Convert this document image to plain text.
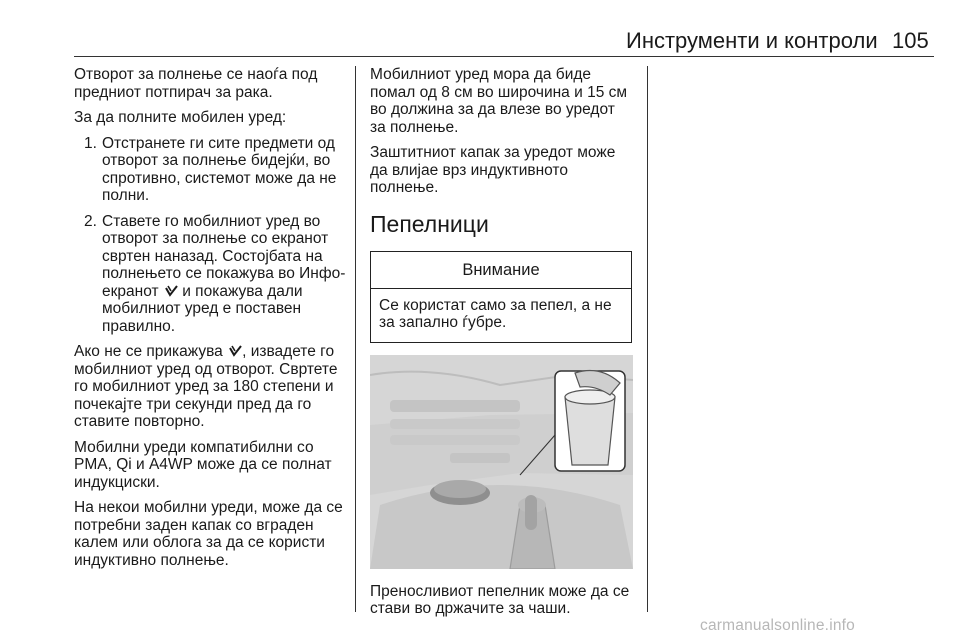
Инструменти и контроли 105

Отворот за полнење се наоѓа под предниот потпирач за рака.

За да полните мобилен уред:

1. Отстранете ги сите предмети од отворот за полнење бидејќи, во спротивно, системот може да не полни.
2. Ставете го мобилниот уред во отворот за полнење со екранот свртен наназад. Состојбата на полнењето се покажува во Инфо-екранот  и покажува дали мобилниот уред е поставен правилно.

Ако не се прикажува , извадете го мобилниот уред од отворот. Свртете го мобилниот уред за 180 степени и почекајте три секунди пред да го ставите повторно.

Мобилни уреди компатибилни со PMA, Qi и A4WP може да се полнат индукциски.

На некои мобилни уреди, може да се потребни заден капак со вграден калем или облога за да се користи индуктивно полнење.

Мобилниот уред мора да биде помал од 8 см во широчина и 15 см во должина за да влезе во уредот за полнење.

Заштитниот капак за уредот може да влијае врз индуктивното полнење.

Пепелници
Внимание
Се користат само за пепел, а не за запално ѓубре.

Преносливиот пепелник може да се стави во држачите за чаши.

carmanualsonline.info
